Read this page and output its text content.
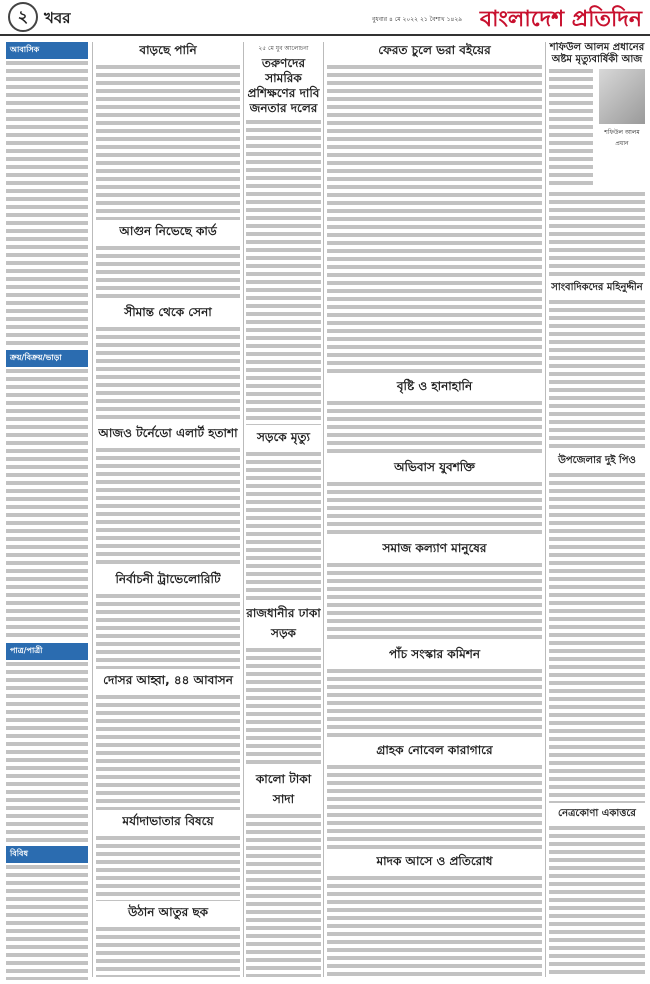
২	খবর	বুধবার ৪ মে ২০২২ ২১ বৈশাখ ১৪২৯ বাংলাদেশ প্রতিদিন
আবাসিক
ক্রয়/বিক্রয়/ভাড়া
পাত্র/পাত্রী
বিবিধ
বাড়ছে পানি
আগুন নিভেছে কার্ড
সীমান্ত থেকে সেনা
আজও টর্নেডো এলার্ট হতাশা
নির্বাচনী ট্রাভেলোরিটি
দোসর আহ্বা, ৪৪ আবাসন
মর্যাদাভাতার বিষয়ে
উঠান আতুর ছক
২৫ মে যুব আলোচনা
তরুণদের সামরিক প্রশিক্ষণের দাবি জনতার দলের
সড়কে মৃত্যু
রাজধানীর ঢাকা সড়ক
কালো টাকা সাদা
ফেরত চুলে ভরা বইয়ের
বৃষ্টি ও হানাহানি
অভিবাস যুবশক্তি
সমাজ কল্যাণ মানুষের
পাঁচ সংস্কার কমিশন
গ্রাহক নোবেল কারাগারে
মাদক আসে ও প্রতিরোধ
শফিউল আলম প্রধানের অষ্টম মৃত্যুবার্ষিকী আজ
শফিউল আলম প্রধান
সাংবাদিকদের মহিনুদ্দীন
উপজেলার দুই পিও
নেত্রকোণা একাত্তরে
